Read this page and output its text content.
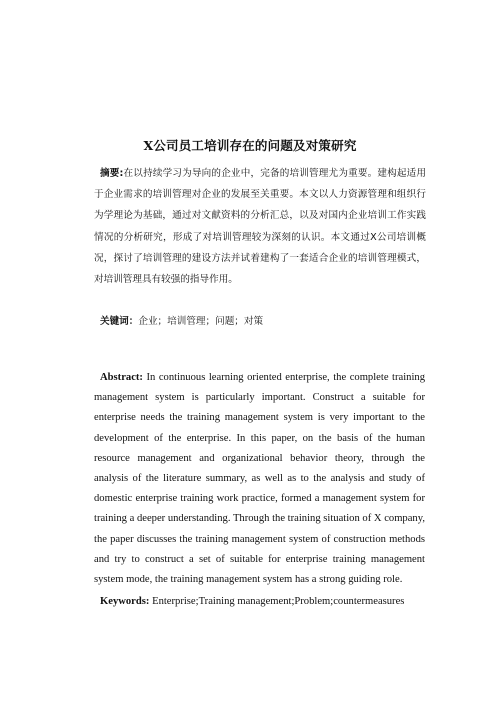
X公司员工培训存在的问题及对策研究
摘要:在以持续学习为导向的企业中，完备的培训管理尤为重要。建构起适用于企业需求的培训管理对企业的发展至关重要。本文以人力资源管理和组织行为学理论为基础，通过对文献资料的分析汇总，以及对国内企业培训工作实践情况的分析研究，形成了对培训管理较为深刻的认识。本文通过X公司培训概况，探讨了培训管理的建设方法并试着建构了一套适合企业的培训管理模式，对培训管理具有较强的指导作用。
关键词：企业；培训管理；问题；对策
Abstract: In continuous learning oriented enterprise, the complete training management system is particularly important. Construct a suitable for enterprise needs the training management system is very important to the development of the enterprise. In this paper, on the basis of the human resource management and organizational behavior theory, through the analysis of the literature summary, as well as to the analysis and study of domestic enterprise training work practice, formed a management system for training a deeper understanding. Through the training situation of X company, the paper discusses the training management system of construction methods and try to construct a set of suitable for enterprise training management system mode, the training management system has a strong guiding role.
Keywords: Enterprise;Training management;Problem;countermeasures
